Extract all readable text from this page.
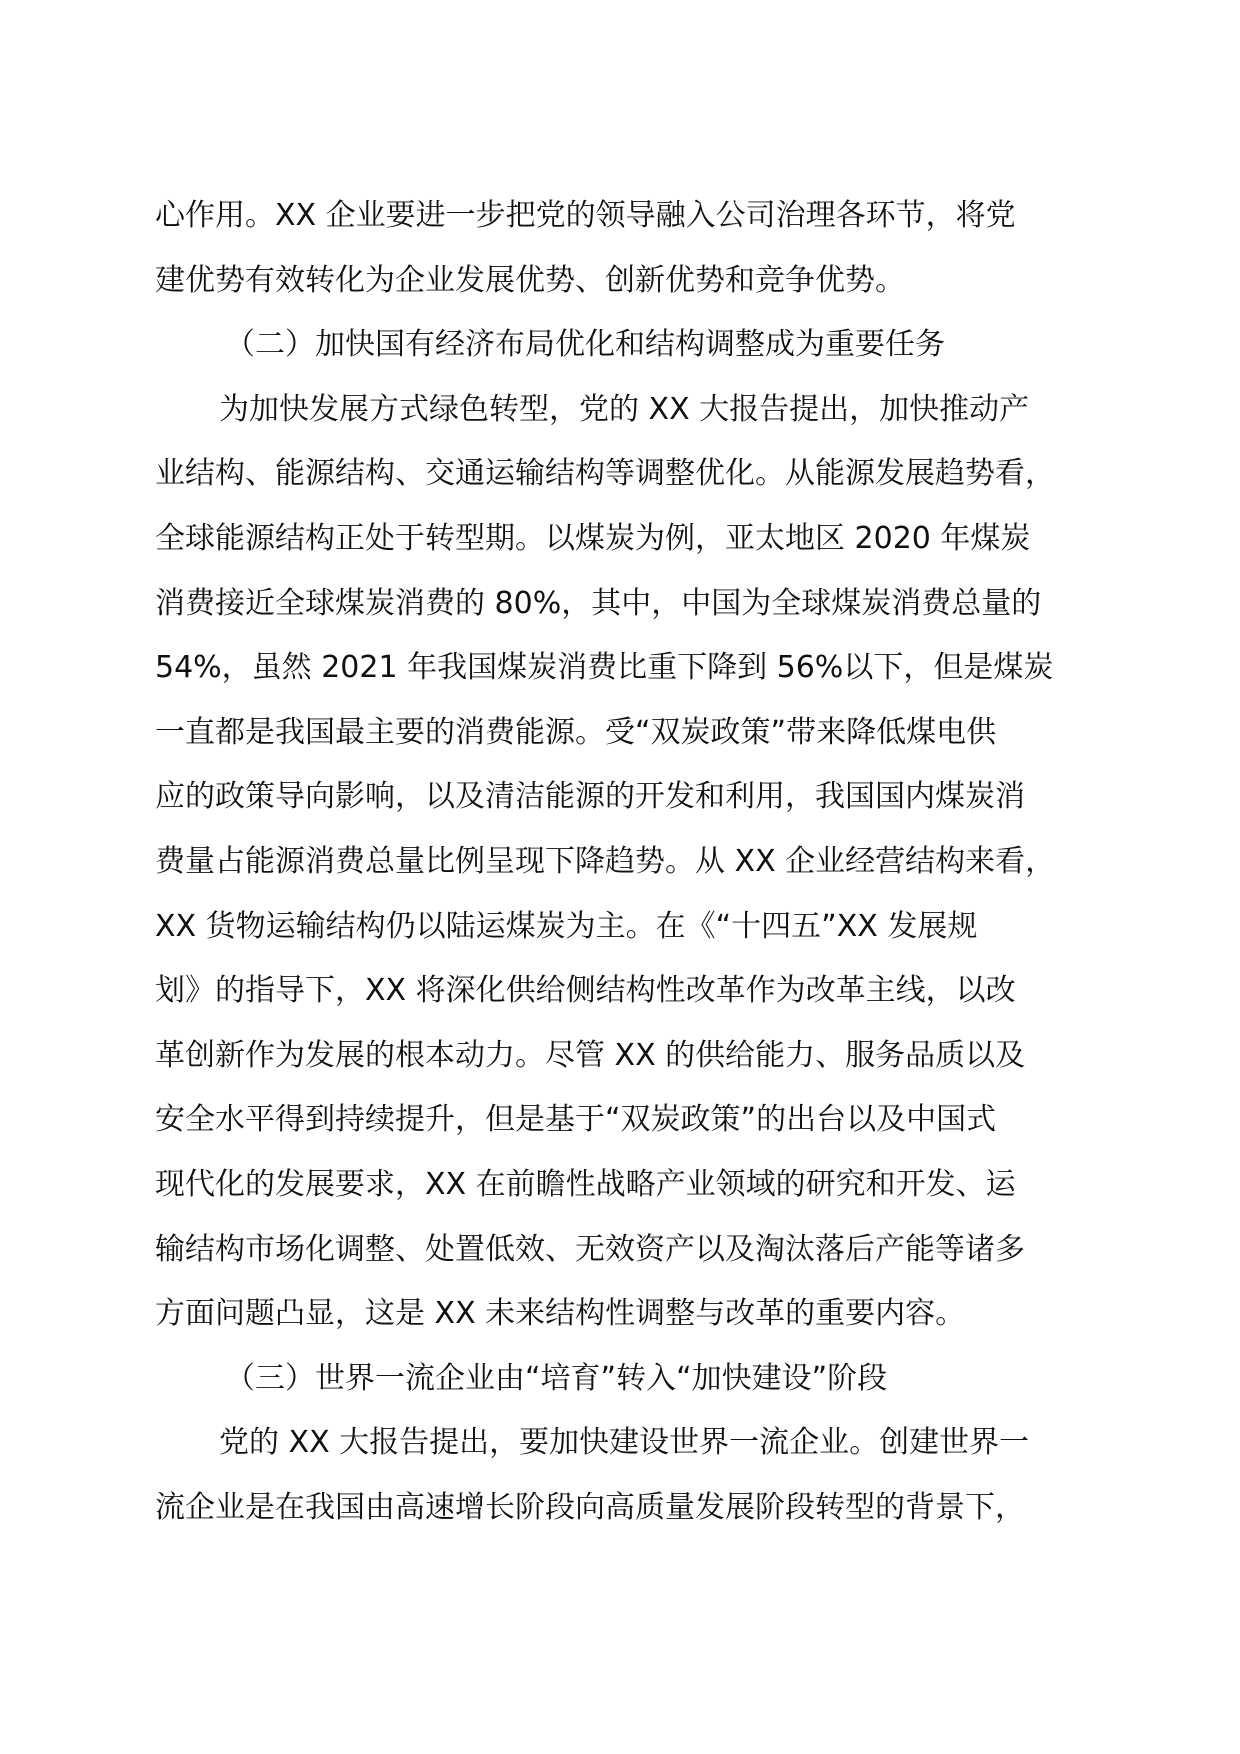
心作用。XX 企业要进一步把党的领导融入公司治理各环节，将党
建优势有效转化为企业发展优势、创新优势和竞争优势。
（二）加快国有经济布局优化和结构调整成为重要任务
为加快发展方式绿色转型，党的 XX 大报告提出，加快推动产
业结构、能源结构、交通运输结构等调整优化。从能源发展趋势看，
全球能源结构正处于转型期。以煤炭为例，亚太地区 2020 年煤炭
消费接近全球煤炭消费的 80%，其中，中国为全球煤炭消费总量的
54%，虽然 2021 年我国煤炭消费比重下降到 56%以下，但是煤炭
一直都是我国最主要的消费能源。受“双炭政策”带来降低煤电供
应的政策导向影响，以及清洁能源的开发和利用，我国国内煤炭消
费量占能源消费总量比例呈现下降趋势。从 XX 企业经营结构来看，
XX 货物运输结构仍以陆运煤炭为主。在《“十四五”XX 发展规
划》的指导下，XX 将深化供给侧结构性改革作为改革主线，以改
革创新作为发展的根本动力。尽管 XX 的供给能力、服务品质以及
安全水平得到持续提升，但是基于“双炭政策”的出台以及中国式
现代化的发展要求，XX 在前瞻性战略产业领域的研究和开发、运
输结构市场化调整、处置低效、无效资产以及淘汰落后产能等诸多
方面问题凸显，这是 XX 未来结构性调整与改革的重要内容。
（三）世界一流企业由“培育”转入“加快建设”阶段
党的 XX 大报告提出，要加快建设世界一流企业。创建世界一
流企业是在我国由高速增长阶段向高质量发展阶段转型的背景下，
